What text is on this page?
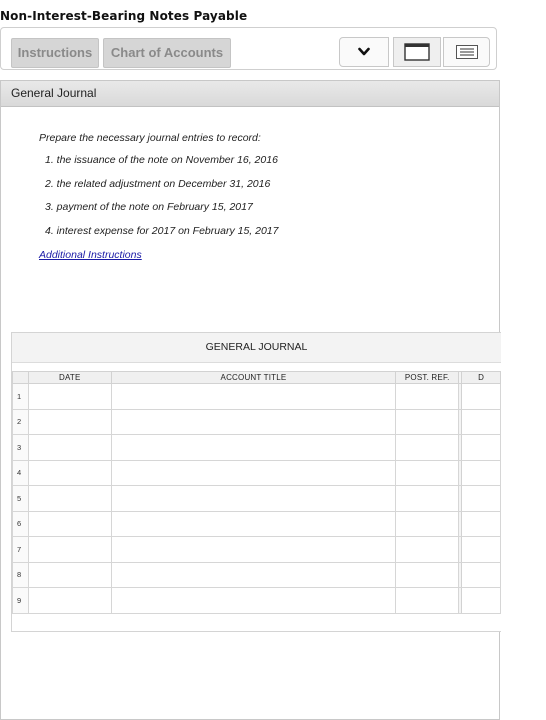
Non-Interest-Bearing Notes Payable
Instructions	Chart of Accounts
General Journal
Prepare the necessary journal entries to record:
1. the issuance of the note on November 16, 2016
2. the related adjustment on December 31, 2016
3. payment of the note on February 15, 2017
4. interest expense for 2017 on February 15, 2017
Additional Instructions
GENERAL JOURNAL
	DATE	ACCOUNT TITLE	POST. REF.		D
1					
2					
3					
4					
5					
6					
7					
8					
9					
